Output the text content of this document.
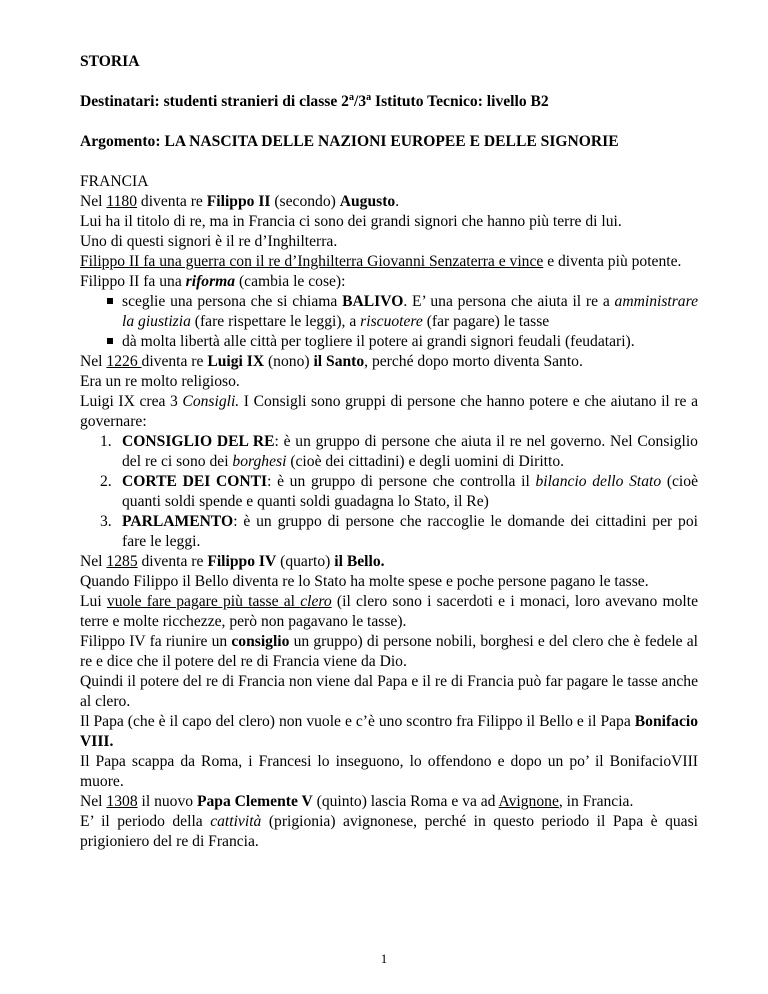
STORIA
Destinatari: studenti stranieri di classe 2$^a$/3$^a$ Istituto Tecnico: livello B2
Argomento: LA NASCITA DELLE NAZIONI EUROPEE E DELLE SIGNORIE
FRANCIA

Nel 1180 diventa re Filippo II (secondo) Augusto.

Lui ha il titolo di re, ma in Francia ci sono dei grandi signori che hanno più terre di lui.

Uno di questi signori è il re d’Inghilterra.

Filippo II fa una guerra con il re d’Inghilterra Giovanni Senzaterra e vince e diventa più potente.

Filippo II fa una riforma (cambia le cose):

sceglie una persona che si chiama BALIVO. E’ una persona che aiuta il re a amministrare la giustizia (fare rispettare le leggi), a riscuotere (far pagare) le tasse
dà molta libertà alle città per togliere il potere ai grandi signori feudali (feudatari).

Nel 1226 diventa re Luigi IX (nono) il Santo, perché dopo morto diventa Santo.

Era un re molto religioso.

Luigi IX crea 3 Consigli. I Consigli sono gruppi di persone che hanno potere e che aiutano il re a governare:

1. CONSIGLIO DEL RE: è un gruppo di persone che aiuta il re nel governo. Nel Consiglio del re ci sono dei borghesi (cioè dei cittadini) e degli uomini di Diritto.
2. CORTE DEI CONTI: è un gruppo di persone che controlla il bilancio dello Stato (cioè quanti soldi spende e quanti soldi guadagna lo Stato, il Re)
3. PARLAMENTO: è un gruppo di persone che raccoglie le domande dei cittadini per poi fare le leggi.

Nel 1285 diventa re Filippo IV (quarto) il Bello.

Quando Filippo il Bello diventa re lo Stato ha molte spese e poche persone pagano le tasse.

Lui vuole fare pagare più tasse al clero (il clero sono i sacerdoti e i monaci, loro avevano molte terre e molte ricchezze, però non pagavano le tasse).

Filippo IV fa riunire un consiglio un gruppo) di persone nobili, borghesi e del clero che è fedele al re e dice che il potere del re di Francia viene da Dio.

Quindi il potere del re di Francia non viene dal Papa e il re di Francia può far pagare le tasse anche al clero.

Il Papa (che è il capo del clero) non vuole e c’è uno scontro fra Filippo il Bello e il Papa Bonifacio VIII.

Il Papa scappa da Roma, i Francesi lo inseguono, lo offendono e dopo un po’ il BonifacioVIII muore.

Nel 1308 il nuovo Papa Clemente V (quinto) lascia Roma e va ad Avignone, in Francia.

E’ il periodo della cattività (prigionia) avignonese, perché in questo periodo il Papa è quasi prigioniero del re di Francia.

1
